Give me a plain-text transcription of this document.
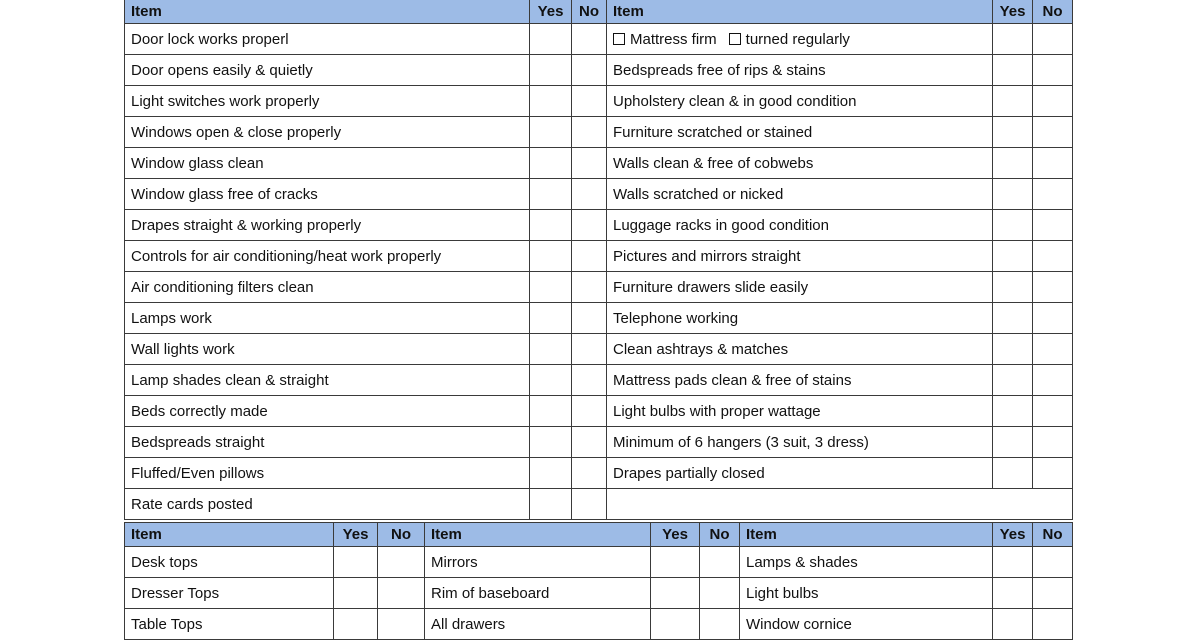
Item	Yes	No	Item	Yes	No
Door lock works properl			Mattress firm turned regularly		
Door opens easily & quietly			Bedspreads free of rips & stains		
Light switches work properly			Upholstery clean & in good condition		
Windows open & close properly			Furniture scratched or stained		
Window glass clean			Walls clean & free of cobwebs		
Window glass free of cracks			Walls scratched or nicked		
Drapes straight & working properly			Luggage racks in good condition		
Controls for air conditioning/heat work properly			Pictures and mirrors straight		
Air conditioning filters clean			Furniture drawers slide easily		
Lamps work			Telephone working		
Wall lights work			Clean ashtrays & matches		
Lamp shades clean & straight			Mattress pads clean & free of stains		
Beds correctly made			Light bulbs with proper wattage		
Bedspreads straight			Minimum of 6 hangers (3 suit, 3 dress)		
Fluffed/Even pillows			Drapes partially closed		
Rate cards posted					
Item	Yes	No	Item	Yes	No	Item	Yes	No
Desk tops			Mirrors			Lamps & shades		
Dresser Tops			Rim of baseboard			Light bulbs		
Table Tops			All drawers			Window cornice		
